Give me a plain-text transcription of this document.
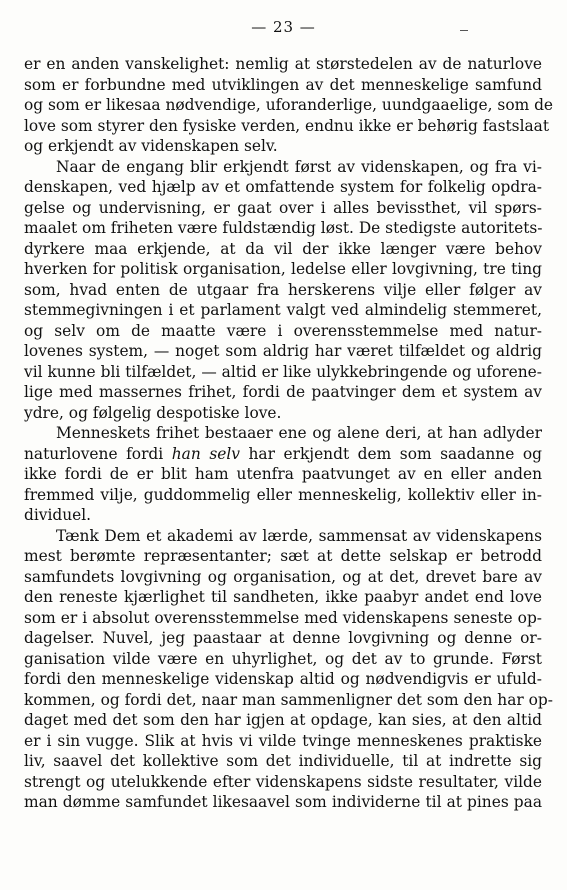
— 23 —
er en anden vanskelighet: nemlig at størstedelen av de naturlove
som er forbundne med utviklingen av det menneskelige samfund
og som er likesaa nødvendige, uforanderlige, uundgaaelige, som de
love som styrer den fysiske verden, endnu ikke er behørig fastslaat
og erkjendt av videnskapen selv.
Naar de engang blir erkjendt først av videnskapen, og fra vi-
denskapen, ved hjælp av et omfattende system for folkelig opdra-
gelse og undervisning, er gaat over i alles bevissthet, vil spørs-
maalet om friheten være fuldstændig løst. De stedigste autoritets-
dyrkere maa erkjende, at da vil der ikke længer være behov
hverken for politisk organisation, ledelse eller lovgivning, tre ting
som, hvad enten de utgaar fra herskerens vilje eller følger av
stemmegivningen i et parlament valgt ved almindelig stemmeret,
og selv om de maatte være i overensstemmelse med natur-
lovenes system, — noget som aldrig har været tilfældet og aldrig
vil kunne bli tilfældet, — altid er like ulykkebringende og uforene-
lige med massernes frihet, fordi de paatvinger dem et system av
ydre, og følgelig despotiske love.
Menneskets frihet bestaaer ene og alene deri, at han adlyder
naturlovene fordi han selv har erkjendt dem som saadanne og
ikke fordi de er blit ham utenfra paatvunget av en eller anden
fremmed vilje, guddommelig eller menneskelig, kollektiv eller in-
dividuel.
Tænk Dem et akademi av lærde, sammensat av videnskapens
mest berømte repræsentanter; sæt at dette selskap er betrodd
samfundets lovgivning og organisation, og at det, drevet bare av
den reneste kjærlighet til sandheten, ikke paabyr andet end love
som er i absolut overensstemmelse med videnskapens seneste op-
dagelser. Nuvel, jeg paastaar at denne lovgivning og denne or-
ganisation vilde være en uhyrlighet, og det av to grunde. Først
fordi den menneskelige videnskap altid og nødvendigvis er ufuld-
kommen, og fordi det, naar man sammenligner det som den har op-
daget med det som den har igjen at opdage, kan sies, at den altid
er i sin vugge. Slik at hvis vi vilde tvinge menneskenes praktiske
liv, saavel det kollektive som det individuelle, til at indrette sig
strengt og utelukkende efter videnskapens sidste resultater, vilde
man dømme samfundet likesaavel som individerne til at pines paa
